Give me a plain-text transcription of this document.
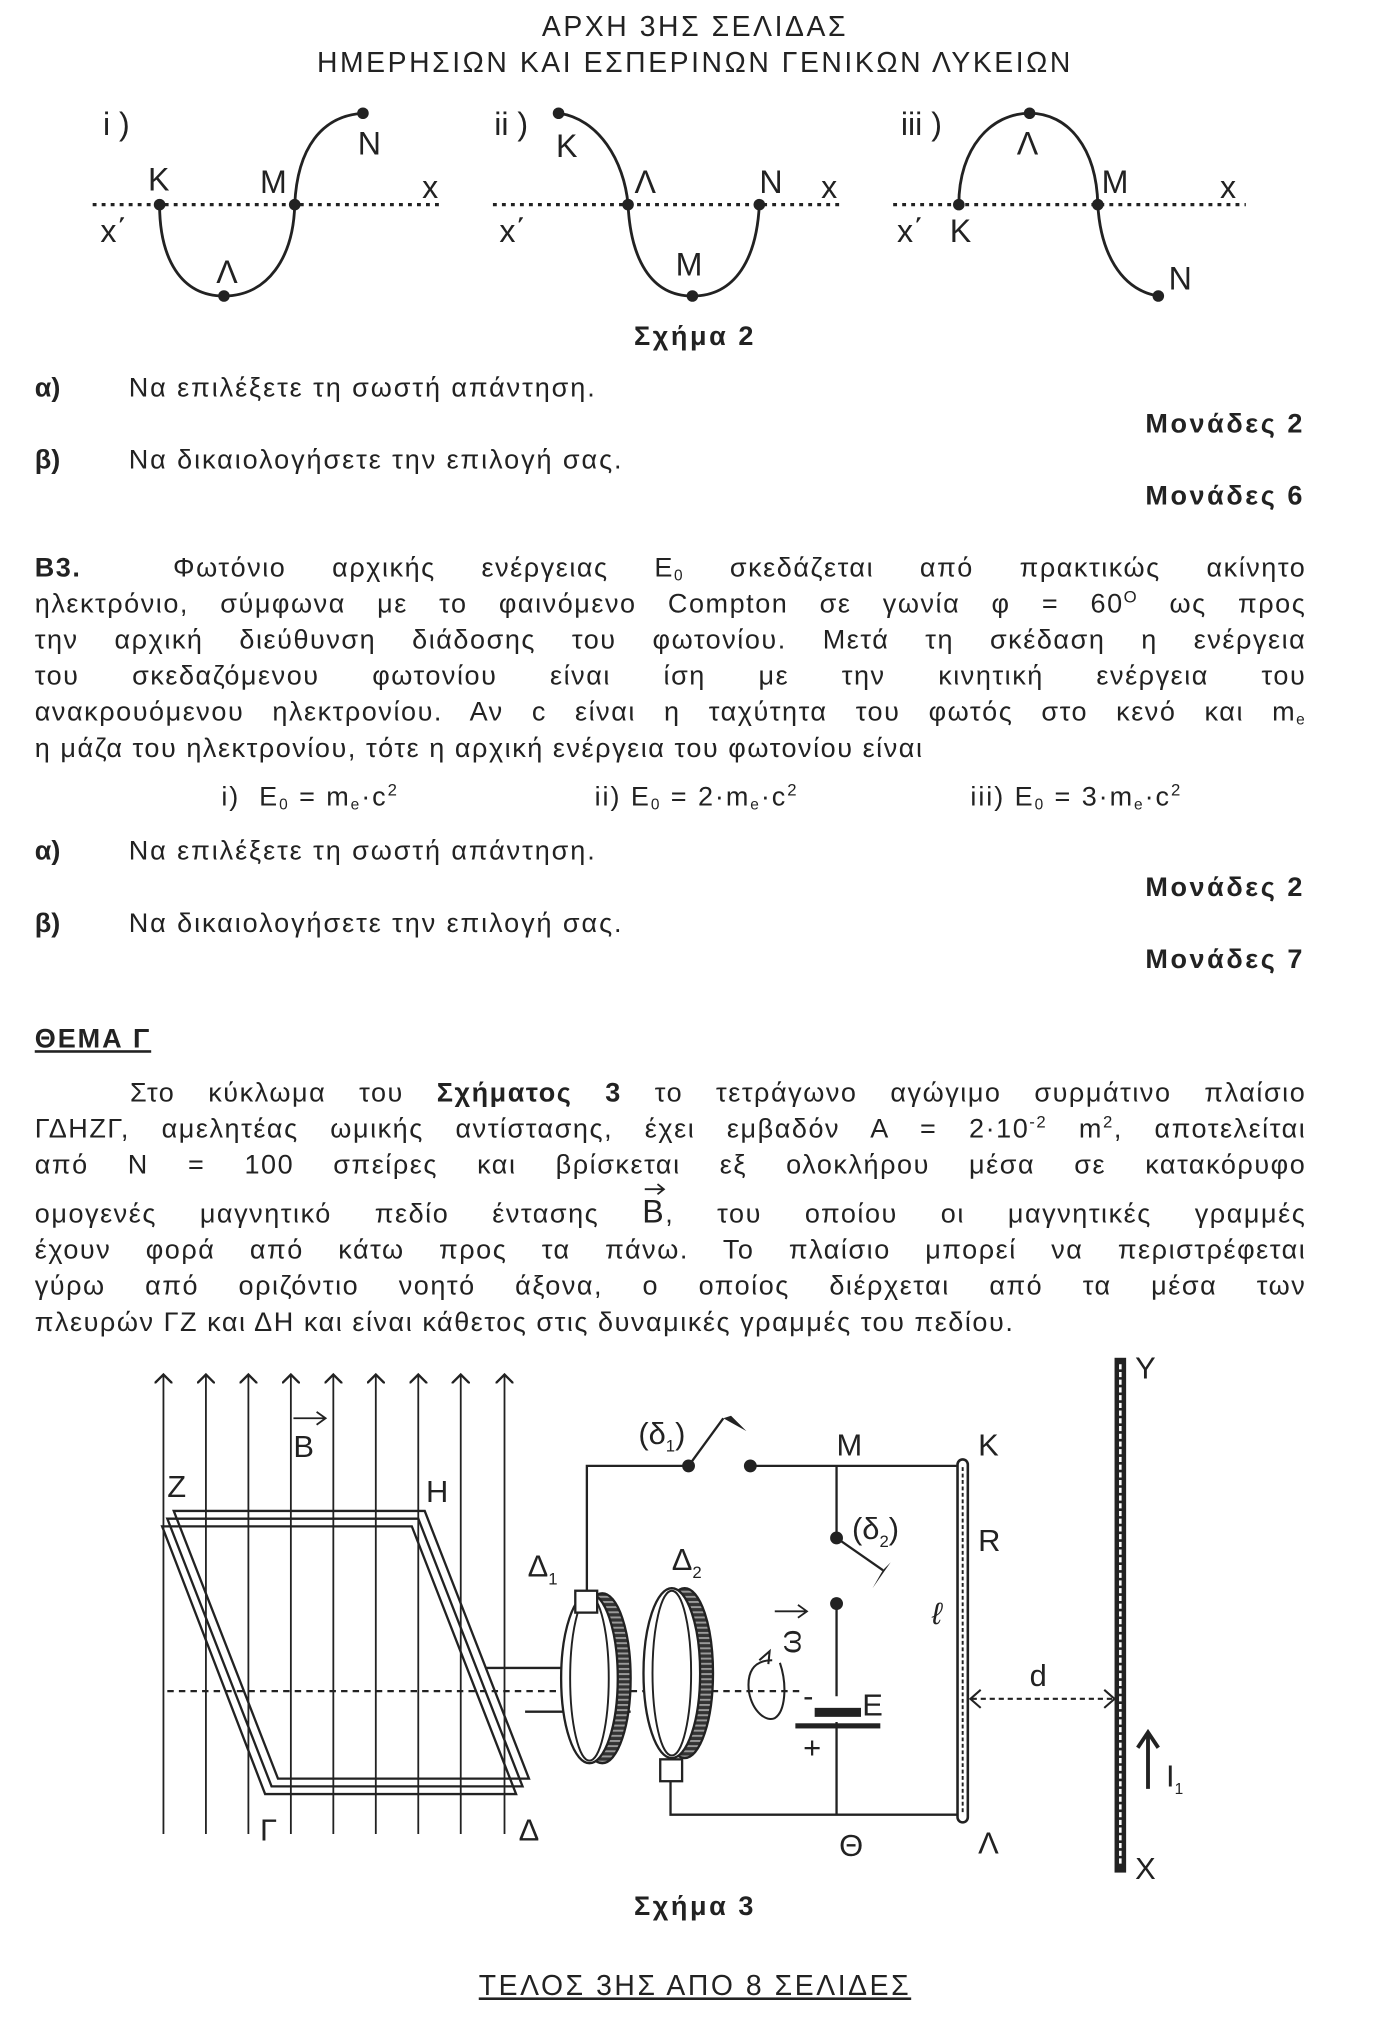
ΑΡΧΗ 3ΗΣ ΣΕΛΙΔΑΣ
ΗΜΕΡΗΣΙΩΝ ΚΑΙ ΕΣΠΕΡΙΝΩΝ ΓΕΝΙΚΩΝ ΛΥΚΕΙΩΝ
i )
Κ	Μ
Ν
Λ
x
x΄
ii )
Κ
Λ	Ν x
Μ
x΄
iii )
Λ
Μ	x
x΄ Κ
Ν
Σχήμα 2
α)	Να επιλέξετε τη σωστή απάντηση.
Μονάδες 2
β)	Να δικαιολογήσετε την επιλογή σας.
Μονάδες 6
Β3.	Φωτόνιο αρχικής ενέργειας Ε0 σκεδάζεται από πρακτικώς ακίνητο
ηλεκτρόνιο, σύμφωνα με το φαινόμενο Compton σε γωνία $\varphi = 60^O$ ως προς
την αρχική διεύθυνση διάδοσης του φωτονίου. Μετά τη σκέδαση η ενέργεια
του σκεδαζόμενου φωτονίου είναι ίση με την κινητική ενέργεια του
ανακρουόμενου ηλεκτρονίου. Αν c είναι η ταχύτητα του φωτός στο κενό και me
η μάζα του ηλεκτρονίου, τότε η αρχική ενέργεια του φωτονίου είναι
i) $E0 = me\cdot c^2$	ii) $E0 = 2\cdot me\cdot c^2$	iii) $E0 = 3\cdot me\cdot c^2$
α)	Να επιλέξετε τη σωστή απάντηση.
Μονάδες 2
β)	Να δικαιολογήσετε την επιλογή σας.
Μονάδες 7
ΘΕΜΑ Γ
Στο κύκλωμα του Σχήματος 3 το τετράγωνο αγώγιμο συρμάτινο πλαίσιο
ΓΔΗΖΓ, αμελητέας ωμικής αντίστασης, έχει εμβαδόν $A = 2\cdot 10^{-2}$ $m^2$, αποτελείται
από Ν = 100 σπείρες και βρίσκεται εξ ολοκλήρου μέσα σε κατακόρυφο
ομογενές μαγνητικό πεδίο έντασης B, του οποίου οι μαγνητικές γραμμές
έχουν φορά από κάτω προς τα πάνω. Το πλαίσιο μπορεί να περιστρέφεται
γύρω από οριζόντιο νοητό άξονα, ο οποίος διέρχεται από τα μέσα των
πλευρών ΓΖ και ΔΗ και είναι κάθετος στις δυναμικές γραμμές του πεδίου.
B
Ζ	Η
Γ	Δ
$\Delta_1$
$\Delta_2$
$(\delta_1)$
$(\delta_2)$
ω
Μ	Κ
R
ℓ
Ε
-
+
Θ	Λ
d
Υ
Χ
$I_1$
Σχήμα 3
ΤΕΛΟΣ 3ΗΣ ΑΠΟ 8 ΣΕΛΙΔΕΣ
